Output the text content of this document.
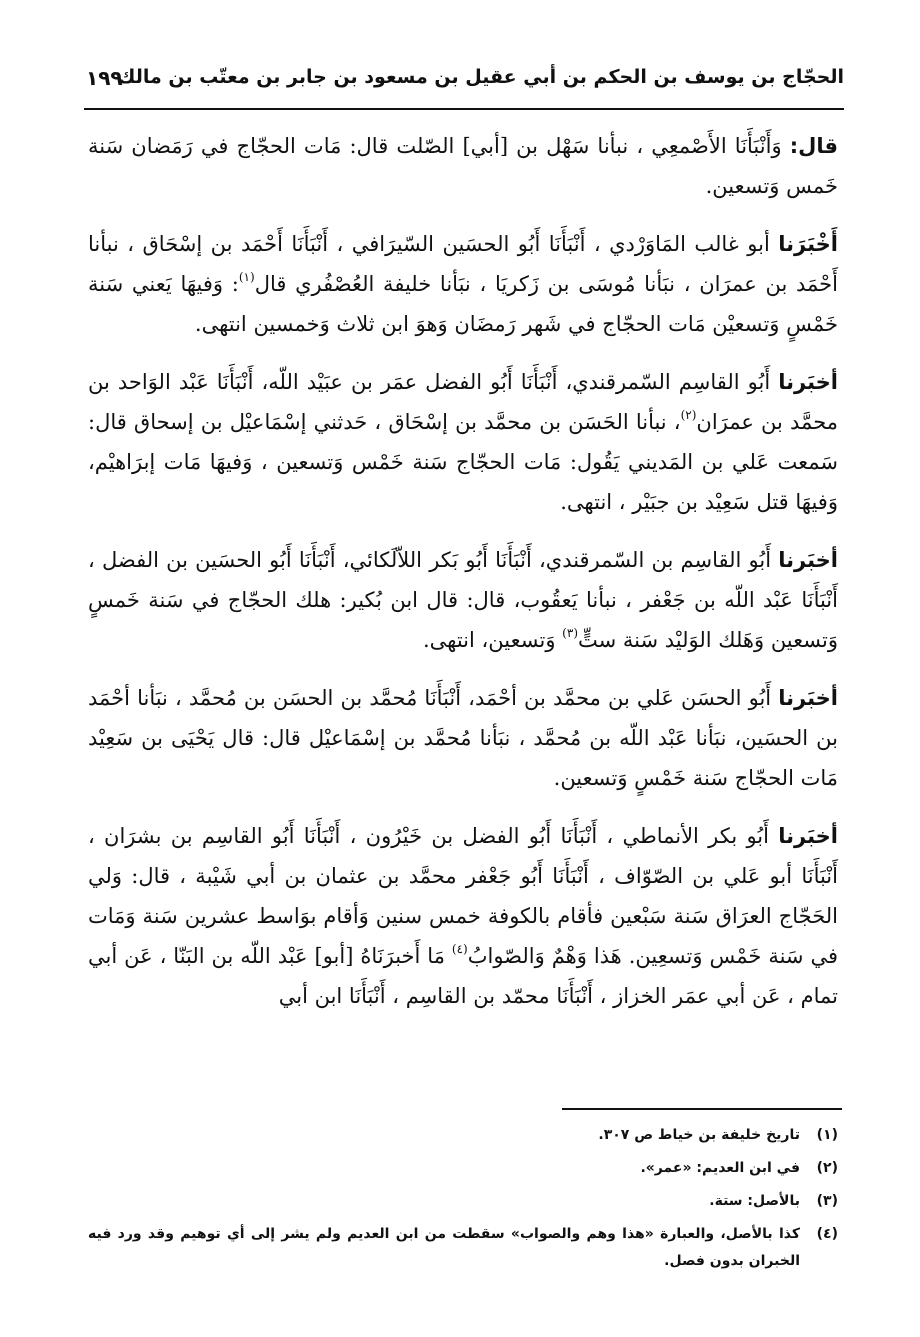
الحجّاج بن يوسف بن الحكم بن أبي عقيل بن مسعود بن جابر بن معتّب بن مالك
١٩٩

قال: وَأَنْبَأَنَا الأَصْمعِي ، نبأنا سَهْل بن [أبي] الصّلت قال: مَات الحجّاج في رَمَضان سَنة خَمس وَتسعين.

أَخْبَرَنا أبو غالب المَاوَرْدي ، أَنْبَأَنَا أَبُو الحسَين السّيرَافي ، أَنْبَأَنَا أَحْمَد بن إسْحَاق ، نبأنا أَحْمَد بن عمرَان ، نبَأنا مُوسَى بن زَكريَا ، نبَأنا خليفة العُصْفُري قال$^{(١)}$: وَفيهَا يَعني سَنة خَمْسٍ وَتسعيْن مَات الحجّاج في شَهر رَمضَان وَهوَ ابن ثلاث وَخمسين انتهى.

أخبَرنا أَبُو القاسِم السّمرقندي، أَنْبَأَنَا أَبُو الفضل عمَر بن عبَيْد اللّه، أَنْبَأَنَا عَبْد الوَاحد بن محمَّد بن عمرَان$^{(٢)}$، نبأنا الحَسَن بن محمَّد بن إسْحَاق ، حَدثني إسْمَاعيْل بن إسحاق قال: سَمعت عَلي بن المَديني يَقُول: مَات الحجّاج سَنة خَمْس وَتسعين ، وَفيهَا مَات إبرَاهيْم، وَفيهَا قتل سَعِيْد بن جبَيْر ، انتهى.

أخبَرنا أَبُو القاسِم بن السّمرقندي، أَنْبَأَنَا أَبُو بَكر اللاّلَكائي، أَنْبَأَنَا أَبُو الحسَين بن الفضل ، أَنْبَأَنَا عَبْد اللّه بن جَعْفر ، نبأنا يَعقُوب، قال: قال ابن بُكير: هلك الحجّاج في سَنة خَمسٍ وَتسعين وَهَلك الوَليْد سَنة ستٍّ$^{(٣)}$ وَتسعين، انتهى.

أخبَرنا أَبُو الحسَن عَلي بن محمَّد بن أحْمَد، أَنْبَأَنَا مُحمَّد بن الحسَن بن مُحمَّد ، نبَأنا أحْمَد بن الحسَين، نبَأنا عَبْد اللّه بن مُحمَّد ، نبَأنا مُحمَّد بن إسْمَاعيْل قال: قال يَحْيَى بن سَعِيْد مَات الحجّاج سَنة خَمْسٍ وَتسعين.

أخبَرنا أَبُو بكر الأنماطي ، أَنْبَأَنَا أَبُو الفضل بن خَيْرُون ، أَنْبَأَنَا أَبُو القاسِم بن بشرَان ، أَنْبَأَنَا أبو عَلي بن الصّوّاف ، أَنْبَأَنَا أَبُو جَعْفر محمَّد بن عثمان بن أبي شَيْبة ، قال: وَلي الحَجّاج العرَاق سَنة سَبْعين فأقام بالكوفة خمس سنين وَأقام بوَاسط عشرين سَنة وَمَات في سَنة خَمْس وَتسعِين. هَذا وَهْمٌ وَالصّوابُ$^{(٤)}$ مَا أَخبرَنَاهُ [أبو] عَبْد اللّه بن البَنّا ، عَن أبي تمام ، عَن أبي عمَر الخزاز ، أَنْبَأَنَا محمّد بن القاسِم ، أَنْبَأَنَا ابن أبي

(١)
تاريخ خليفة بن خياط ص ٣٠٧.
(٢)
في ابن العديم: «عمر».
(٣)
بالأصل: ستة.
(٤)
كذا بالأصل، والعبارة «هذا وهم والصواب» سقطت من ابن العديم ولم يشر إلى أي توهيم وقد ورد فيه الخبران بدون فصل.
